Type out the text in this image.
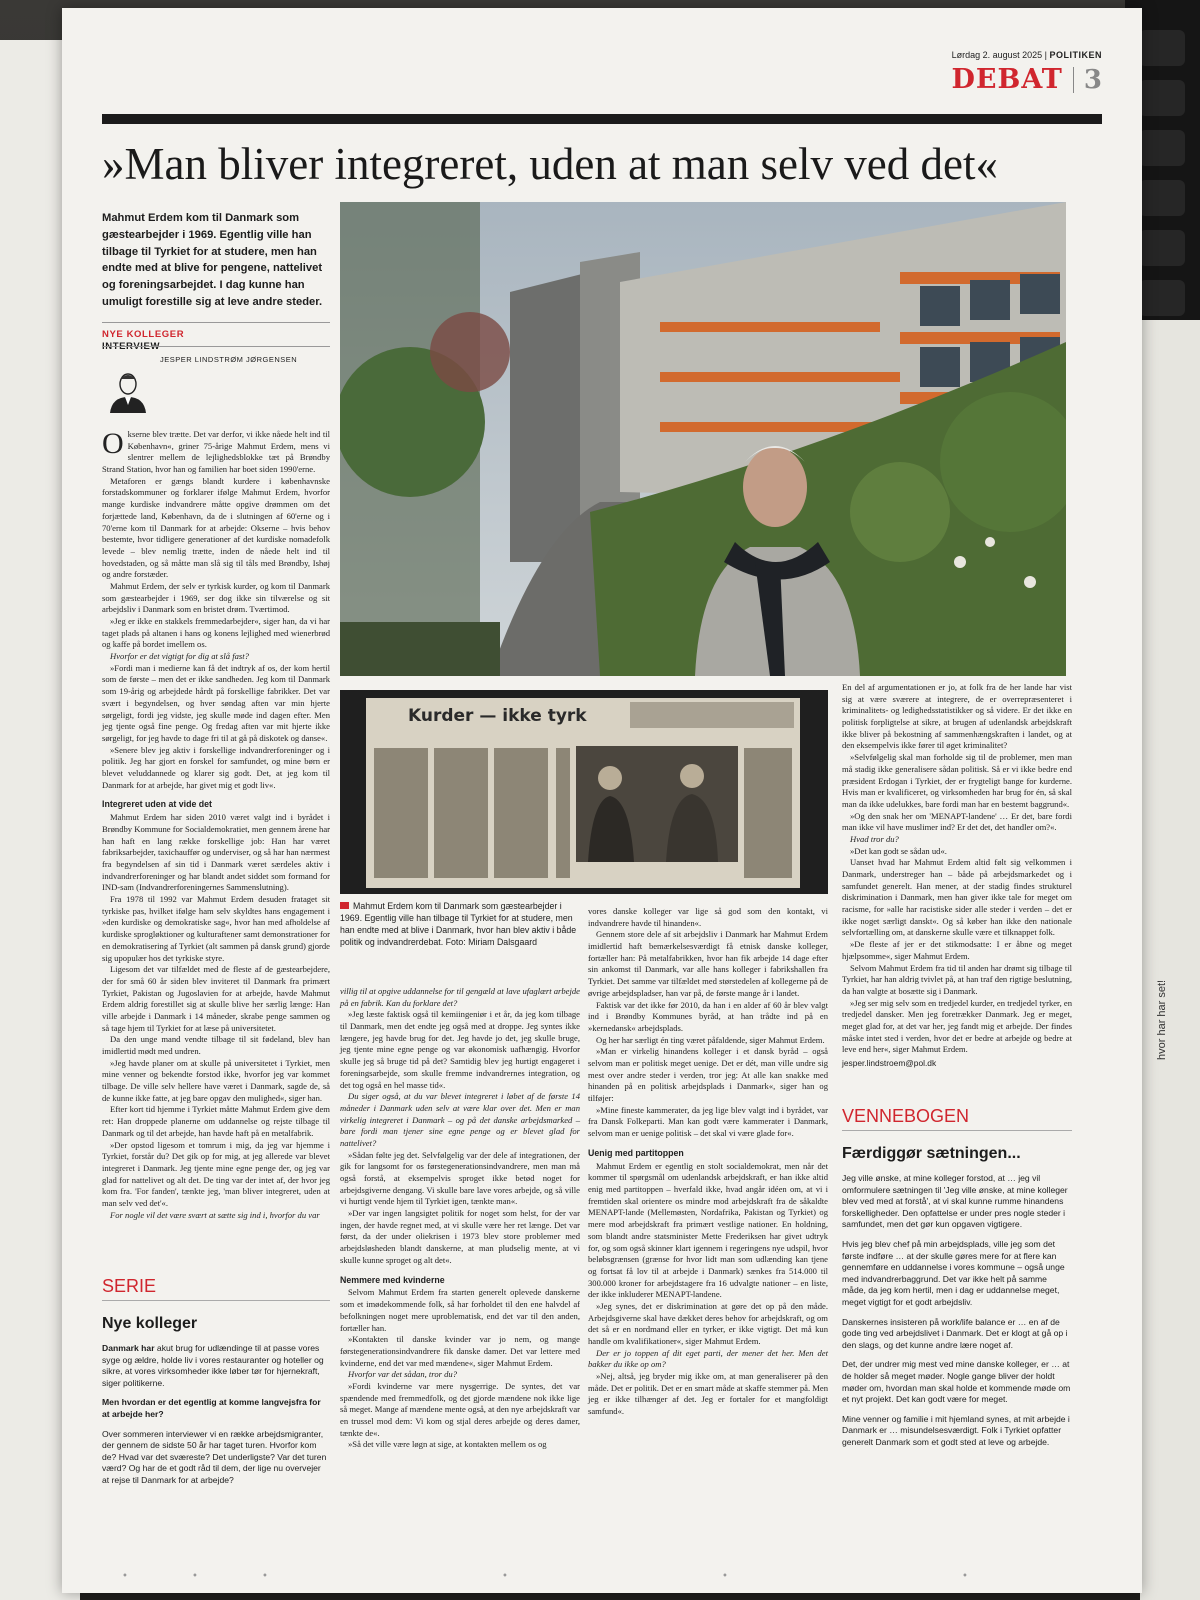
hvor har har set!
Lørdag 2. august 2025 | POLITIKEN
DEBAT 3
»Man bliver integreret, uden at man selv ved det«
Mahmut Erdem kom til Danmark som gæstearbejder i 1969. Egentlig ville han tilbage til Tyrkiet for at studere, men han endte med at blive for pengene, nattelivet og foreningsarbejdet. I dag kunne han umuligt forestille sig at leve andre steder.
NYE KOLLEGER
INTERVIEW
JESPER LINDSTRØM JØRGENSEN

Okserne blev trætte. Det var derfor, vi ikke nåede helt ind til København«, griner 75-årige Mahmut Erdem, mens vi slentrer mellem de lejlighedsblokke tæt på Brøndby Strand Station, hvor han og familien har boet siden 1990'erne.

Metaforen er gængs blandt kurdere i københavnske forstadskommuner og forklarer ifølge Mahmut Erdem, hvorfor mange kurdiske indvandrere måtte opgive drømmen om det forjættede land, København, da de i slutningen af 60'erne og i 70'erne kom til Danmark for at arbejde: Okserne – hvis behov bestemte, hvor tidligere generationer af det kurdiske nomadefolk levede – blev nemlig trætte, inden de nåede helt ind til hovedstaden, og så måtte man slå sig til tåls med Brøndby, Ishøj og andre forstæder.

Mahmut Erdem, der selv er tyrkisk kurder, og kom til Danmark som gæstearbejder i 1969, ser dog ikke sin tilværelse og sit arbejdsliv i Danmark som en bristet drøm. Tværtimod.

»Jeg er ikke en stakkels fremmedarbejder«, siger han, da vi har taget plads på altanen i hans og konens lejlighed med wienerbrød og kaffe på bordet imellem os.

Hvorfor er det vigtigt for dig at slå fast?

»Fordi man i medierne kan få det indtryk af os, der kom hertil som de første – men det er ikke sandheden. Jeg kom til Danmark som 19-årig og arbejdede hårdt på forskellige fabrikker. Det var svært i begyndelsen, og hver søndag aften var min hjerte sørgeligt, fordi jeg vidste, jeg skulle møde ind dagen efter. Men jeg tjente også fine penge. Og fredag aften var mit hjerte ikke sørgeligt, for jeg havde to dage fri til at gå på diskotek og danse«.

»Senere blev jeg aktiv i forskellige indvandrerforeninger og i politik. Jeg har gjort en forskel for samfundet, og mine børn er blevet veluddannede og klarer sig godt. Det, at jeg kom til Danmark for at arbejde, har givet mig et godt liv«.

Integreret uden at vide det

Mahmut Erdem har siden 2010 været valgt ind i byrådet i Brøndby Kommune for Socialdemokratiet, men gennem årene har han haft en lang række forskellige job: Han har været fabriksarbejder, taxichauffør og underviser, og så har han nærmest fra begyndelsen af sin tid i Danmark været særdeles aktiv i indvandrerforeninger og har blandt andet siddet som formand for IND-sam (Indvandrerforeningernes Sammenslutning).

Fra 1978 til 1992 var Mahmut Erdem desuden frataget sit tyrkiske pas, hvilket ifølge ham selv skyldtes hans engagement i »den kurdiske og demokratiske sag«, hvor han med afholdelse af kurdiske sprogløktioner og kulturaftener samt demonstrationer for en demokratisering af Tyrkiet (alt sammen på dansk grund) gjorde sig upopulær hos det tyrkiske styre.

Ligesom det var tilfældet med de fleste af de gæstearbejdere, der for små 60 år siden blev inviteret til Danmark fra primært Tyrkiet, Pakistan og Jugoslavien for at arbejde, havde Mahmut Erdem aldrig forestillet sig at skulle blive her særlig længe: Han ville arbejde i Danmark i 14 måneder, skrabe penge sammen og så tage hjem til Tyrkiet for at læse på universitetet.

Da den unge mand vendte tilbage til sit fødeland, blev han imidlertid mødt med undren.

»Jeg havde planer om at skulle på universitetet i Tyrkiet, men mine venner og bekendte forstod ikke, hvorfor jeg var kommet tilbage. De ville selv hellere have været i Danmark, sagde de, så de kunne ikke fatte, at jeg bare opgav den mulighed«, siger han.

Efter kort tid hjemme i Tyrkiet måtte Mahmut Erdem give dem ret: Han droppede planerne om uddannelse og rejste tilbage til Danmark og til det arbejde, han havde haft på en metalfabrik.

»Der opstod ligesom et tomrum i mig, da jeg var hjemme i Tyrkiet, forstår du? Det gik op for mig, at jeg allerede var blevet integreret i Danmark. Jeg tjente mine egne penge der, og jeg var glad for nattelivet og alt det. De ting var der intet af, der hvor jeg kom fra. 'For fanden', tænkte jeg, 'man bliver integreret, uden at man selv ved det'«.

For nogle vil det være svært at sætte sig ind i, hvorfor du var

Kurder — ikke tyrk
Mahmut Erdem kom til Danmark som gæstearbejder i 1969. Egentlig ville han tilbage til Tyrkiet for at studere, men han endte med at blive i Danmark, hvor han blev aktiv i både politik og indvandrerdebat. Foto: Miriam Dalsgaard

villig til at opgive uddannelse for til gengæld at lave ufaglært arbejde på en fabrik. Kan du forklare det?

»Jeg læste faktisk også til kemiingeniør i et år, da jeg kom tilbage til Danmark, men det endte jeg også med at droppe. Jeg syntes ikke længere, jeg havde brug for det. Jeg havde jo det, jeg skulle bruge, jeg tjente mine egne penge og var økonomisk uafhængig. Hvorfor skulle jeg så bruge tid på det? Samtidig blev jeg hurtigt engageret i foreningsarbejde, som skulle fremme indvandrernes integration, og det tog også en hel masse tid«.

Du siger også, at du var blevet integreret i løbet af de første 14 måneder i Danmark uden selv at være klar over det. Men er man virkelig integreret i Danmark – og på det danske arbejdsmarked – bare fordi man tjener sine egne penge og er blevet glad for nattelivet?

»Sådan følte jeg det. Selvfølgelig var der dele af integrationen, der gik for langsomt for os førstegenerationsindvandrere, men man må også forstå, at eksempelvis sproget ikke betød noget for arbejdsgiverne dengang. Vi skulle bare lave vores arbejde, og så ville vi hurtigt vende hjem til Tyrkiet igen, tænkte man«.

»Der var ingen langsigtet politik for noget som helst, for der var ingen, der havde regnet med, at vi skulle være her ret længe. Det var først, da der under oliekrisen i 1973 blev store problemer med arbejdsløsheden blandt danskerne, at man pludselig mente, at vi skulle kunne sproget og alt det«.

Nemmere med kvinderne

Selvom Mahmut Erdem fra starten generelt oplevede danskerne som et imødekommende folk, så har forholdet til den ene halvdel af befolkningen noget mere uproblematisk, end det var til den anden, fortæller han.

»Kontakten til danske kvinder var jo nem, og mange førstegenerationsindvandrere fik danske damer. Det var lettere med kvinderne, end det var med mændene«, siger Mahmut Erdem.

Hvorfor var det sådan, tror du?

»Fordi kvinderne var mere nysgerrige. De syntes, det var spændende med fremmedfolk, og det gjorde mændene nok ikke lige så meget. Mange af mændene mente også, at den nye arbejdskraft var en trussel mod dem: Vi kom og stjal deres arbejde og deres damer, tænkte de«.

»Så det ville være løgn at sige, at kontakten mellem os og

vores danske kolleger var lige så god som den kontakt, vi indvandrere havde til hinanden«.

Gennem store dele af sit arbejdsliv i Danmark har Mahmut Erdem imidlertid haft bemærkelsesværdigt få etnisk danske kolleger, fortæller han: På metalfabrikken, hvor han fik arbejde 14 dage efter sin ankomst til Danmark, var alle hans kolleger i fabrikshallen fra Tyrkiet. Det samme var tilfældet med størstedelen af kollegerne på de øvrige arbejdspladser, han var på, de første mange år i landet.

Faktisk var det ikke før 2010, da han i en alder af 60 år blev valgt ind i Brøndby Kommunes byråd, at han trådte ind på en »kernedansk« arbejdsplads.

Og her har særligt én ting været påfaldende, siger Mahmut Erdem.

»Man er virkelig hinandens kolleger i et dansk byråd – også selvom man er politisk meget uenige. Det er dét, man ville undre sig mest over andre steder i verden, tror jeg: At alle kan snakke med hinanden på en politisk arbejdsplads i Danmark«, siger han og tilføjer:

»Mine fineste kammerater, da jeg lige blev valgt ind i byrådet, var fra Dansk Folkeparti. Man kan godt være kammerater i Danmark, selvom man er uenige politisk – det skal vi være glade for«.

Uenig med partitoppen

Mahmut Erdem er egentlig en stolt socialdemokrat, men når det kommer til spørgsmål om udenlandsk arbejdskraft, er han ikke altid enig med partitoppen – hverfald ikke, hvad angår idéen om, at vi i fremtiden skal orientere os mindre mod arbejdskraft fra de såkaldte MENAPT-lande (Mellemøsten, Nordafrika, Pakistan og Tyrkiet) og mere mod arbejdskraft fra primært vestlige nationer. En holdning, som blandt andre statsminister Mette Frederiksen har givet udtryk for, og som også skinner klart igennem i regeringens nye udspil, hvor beløbsgrænsen (grænse for hvor lidt man som udlænding kan tjene og fortsat få lov til at arbejde i Danmark) sænkes fra 514.000 til 300.000 kroner for arbejdstagere fra 16 udvalgte nationer – en liste, der ikke inkluderer MENAPT-landene.

»Jeg synes, det er diskrimination at gøre det op på den måde. Arbejdsgiverne skal have dækket deres behov for arbejdskraft, og om det så er en nordmand eller en tyrker, er ikke vigtigt. Det må kun handle om kvalifikationer«, siger Mahmut Erdem.

Der er jo toppen af dit eget parti, der mener det her. Men det bakker du ikke op om?

»Nej, altså, jeg bryder mig ikke om, at man generaliserer på den måde. Det er politik. Det er en smart måde at skaffe stemmer på. Men jeg er ikke tilhænger af det. Jeg er fortaler for et mangfoldigt samfund«.

En del af argumentationen er jo, at folk fra de her lande har vist sig at være sværere at integrere, de er overrepræsenteret i kriminalitets- og ledighedsstatistikker og så videre. Er det ikke en politisk forpligtelse at sikre, at brugen af udenlandsk arbejdskraft ikke bliver på bekostning af sammenhængskraften i landet, og at den eksempelvis ikke fører til øget kriminalitet?

»Selvfølgelig skal man forholde sig til de problemer, men man må stadig ikke generalisere sådan politisk. Så er vi ikke bedre end præsident Erdogan i Tyrkiet, der er frygteligt bange for kurderne. Hvis man er kvalificeret, og virksomheden har brug for én, så skal man da ikke udelukkes, bare fordi man har en bestemt baggrund«.

»Og den snak her om 'MENAPT-landene' … Er det, bare fordi man ikke vil have muslimer ind? Er det det, det handler om?«.

Hvad tror du?

»Det kan godt se sådan ud«.

Uanset hvad har Mahmut Erdem altid følt sig velkommen i Danmark, understreger han – både på arbejdsmarkedet og i samfundet generelt. Han mener, at der stadig findes strukturel diskrimination i Danmark, men han giver ikke tale for meget om racisme, for »alle har racistiske sider alle steder i verden – det er ikke noget særligt danskt«. Og så køber han ikke den nationale selvfortælling om, at danskerne skulle være et tilknappet folk.

»De fleste af jer er det stikmodsatte: I er åbne og meget hjælpsomme«, siger Mahmut Erdem.

Selvom Mahmut Erdem fra tid til anden har drømt sig tilbage til Tyrkiet, har han aldrig tvivlet på, at han traf den rigtige beslutning, da han valgte at bosætte sig i Danmark.

»Jeg ser mig selv som en tredjedel kurder, en tredjedel tyrker, en tredjedel dansker. Men jeg foretrækker Danmark. Jeg er meget, meget glad for, at det var her, jeg fandt mig et arbejde. Der findes måske intet sted i verden, hvor det er bedre at arbejde og bedre at leve end her«, siger Mahmut Erdem.

jesper.lindstroem@pol.dk

SERIE
Nye kolleger

Danmark har akut brug for udlændinge til at passe vores syge og ældre, holde liv i vores restauranter og hoteller og sikre, at vores virksomheder ikke løber tør for hjernekraft, siger politikerne.

Men hvordan er det egentlig at komme langvejsfra for at arbejde her?

Over sommeren interviewer vi en række arbejdsmigranter, der gennem de sidste 50 år har taget turen. Hvorfor kom de? Hvad var det sværeste? Det underligste? Var det turen værd? Og har de et godt råd til dem, der lige nu overvejer at rejse til Danmark for at arbejde?

VENNEBOGEN
Færdiggør sætningen...

Jeg ville ønske, at mine kolleger forstod, at … jeg vil omformulere sætningen til 'Jeg ville ønske, at mine kolleger blev ved med at forstå', at vi skal kunne rumme hinandens forskelligheder. Den opfattelse er under pres nogle steder i samfundet, men det gør kun opgaven vigtigere.

Hvis jeg blev chef på min arbejdsplads, ville jeg som det første indføre … at der skulle gøres mere for at flere kan gennemføre en uddannelse i vores kommune – også unge med indvandrerbaggrund. Det var ikke helt på samme måde, da jeg kom hertil, men i dag er uddannelse meget, meget vigtigt for et godt arbejdsliv.

Danskernes insisteren på work/life balance er … en af de gode ting ved arbejdslivet i Danmark. Det er klogt at gå op i den slags, og det kunne andre lære noget af.

Det, der undrer mig mest ved mine danske kolleger, er … at de holder så meget møder. Nogle gange bliver der holdt møder om, hvordan man skal holde et kommende møde om et nyt projekt. Det kan godt være for meget.

Mine venner og familie i mit hjemland synes, at mit arbejde i Danmark er … misundelsesværdigt. Folk i Tyrkiet opfatter generelt Danmark som et godt sted at leve og arbejde.

•	•	•	•	•	•
